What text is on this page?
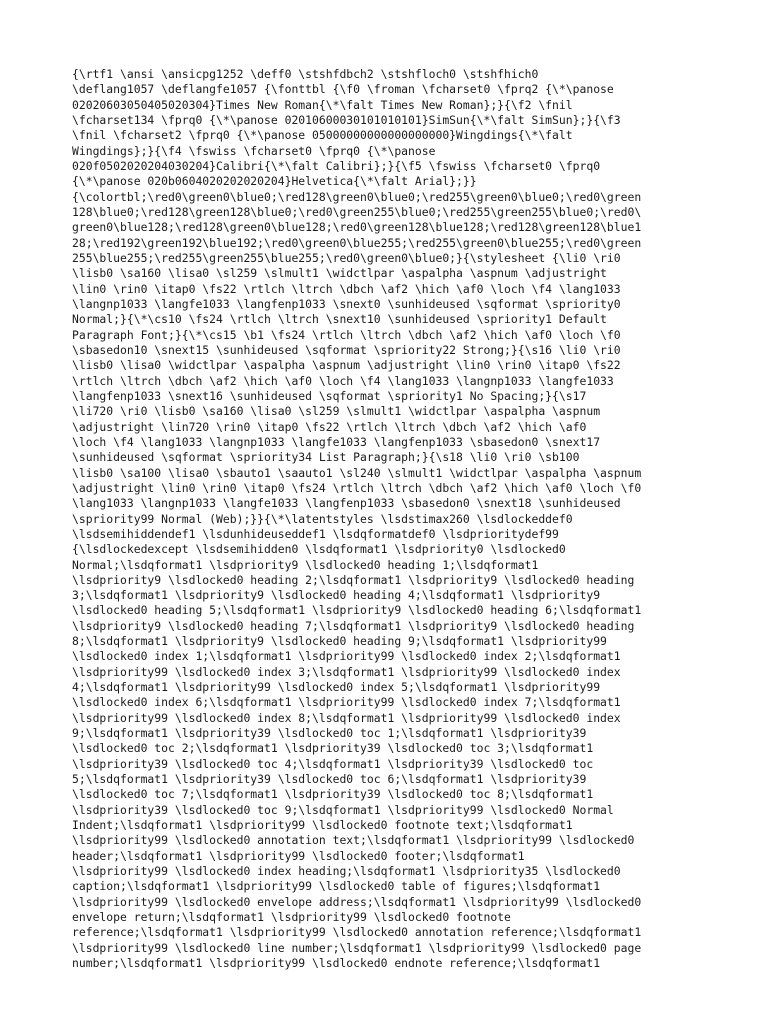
{\rtf1 \ansi \ansicpg1252 \deff0 \stshfdbch2 \stshfloch0 \stshfhich0
\deflang1057 \deflangfe1057 {\fonttbl {\f0 \froman \fcharset0 \fprq2 {\*\panose
02020603050405020304}Times New Roman{\*\falt Times New Roman};}{\f2 \fnil
\fcharset134 \fprq0 {\*\panose 02010600030101010101}SimSun{\*\falt SimSun};}{\f3
\fnil \fcharset2 \fprq0 {\*\panose 05000000000000000000}Wingdings{\*\falt
Wingdings};}{\f4 \fswiss \fcharset0 \fprq0 {\*\panose
020f0502020204030204}Calibri{\*\falt Calibri};}{\f5 \fswiss \fcharset0 \fprq0
{\*\panose 020b0604020202020204}Helvetica{\*\falt Arial};}}
{\colortbl;\red0\green0\blue0;\red128\green0\blue0;\red255\green0\blue0;\red0\green
128\blue0;\red128\green128\blue0;\red0\green255\blue0;\red255\green255\blue0;\red0\
green0\blue128;\red128\green0\blue128;\red0\green128\blue128;\red128\green128\blue1
28;\red192\green192\blue192;\red0\green0\blue255;\red255\green0\blue255;\red0\green
255\blue255;\red255\green255\blue255;\red0\green0\blue0;}{\stylesheet {\li0 \ri0
\lisb0 \sa160 \lisa0 \sl259 \slmult1 \widctlpar \aspalpha \aspnum \adjustright
\lin0 \rin0 \itap0 \fs22 \rtlch \ltrch \dbch \af2 \hich \af0 \loch \f4 \lang1033
\langnp1033 \langfe1033 \langfenp1033 \snext0 \sunhideused \sqformat \spriority0
Normal;}{\*\cs10 \fs24 \rtlch \ltrch \snext10 \sunhideused \spriority1 Default
Paragraph Font;}{\*\cs15 \b1 \fs24 \rtlch \ltrch \dbch \af2 \hich \af0 \loch \f0
\sbasedon10 \snext15 \sunhideused \sqformat \spriority22 Strong;}{\s16 \li0 \ri0
\lisb0 \lisa0 \widctlpar \aspalpha \aspnum \adjustright \lin0 \rin0 \itap0 \fs22
\rtlch \ltrch \dbch \af2 \hich \af0 \loch \f4 \lang1033 \langnp1033 \langfe1033
\langfenp1033 \snext16 \sunhideused \sqformat \spriority1 No Spacing;}{\s17
\li720 \ri0 \lisb0 \sa160 \lisa0 \sl259 \slmult1 \widctlpar \aspalpha \aspnum
\adjustright \lin720 \rin0 \itap0 \fs22 \rtlch \ltrch \dbch \af2 \hich \af0
\loch \f4 \lang1033 \langnp1033 \langfe1033 \langfenp1033 \sbasedon0 \snext17
\sunhideused \sqformat \spriority34 List Paragraph;}{\s18 \li0 \ri0 \sb100
\lisb0 \sa100 \lisa0 \sbauto1 \saauto1 \sl240 \slmult1 \widctlpar \aspalpha \aspnum
\adjustright \lin0 \rin0 \itap0 \fs24 \rtlch \ltrch \dbch \af2 \hich \af0 \loch \f0
\lang1033 \langnp1033 \langfe1033 \langfenp1033 \sbasedon0 \snext18 \sunhideused
\spriority99 Normal (Web);}}{\*\latentstyles \lsdstimax260 \lsdlockeddef0
\lsdsemihiddendef1 \lsdunhideuseddef1 \lsdqformatdef0 \lsdprioritydef99
{\lsdlockedexcept \lsdsemihidden0 \lsdqformat1 \lsdpriority0 \lsdlocked0
Normal;\lsdqformat1 \lsdpriority9 \lsdlocked0 heading 1;\lsdqformat1
\lsdpriority9 \lsdlocked0 heading 2;\lsdqformat1 \lsdpriority9 \lsdlocked0 heading
3;\lsdqformat1 \lsdpriority9 \lsdlocked0 heading 4;\lsdqformat1 \lsdpriority9
\lsdlocked0 heading 5;\lsdqformat1 \lsdpriority9 \lsdlocked0 heading 6;\lsdqformat1
\lsdpriority9 \lsdlocked0 heading 7;\lsdqformat1 \lsdpriority9 \lsdlocked0 heading
8;\lsdqformat1 \lsdpriority9 \lsdlocked0 heading 9;\lsdqformat1 \lsdpriority99
\lsdlocked0 index 1;\lsdqformat1 \lsdpriority99 \lsdlocked0 index 2;\lsdqformat1
\lsdpriority99 \lsdlocked0 index 3;\lsdqformat1 \lsdpriority99 \lsdlocked0 index
4;\lsdqformat1 \lsdpriority99 \lsdlocked0 index 5;\lsdqformat1 \lsdpriority99
\lsdlocked0 index 6;\lsdqformat1 \lsdpriority99 \lsdlocked0 index 7;\lsdqformat1
\lsdpriority99 \lsdlocked0 index 8;\lsdqformat1 \lsdpriority99 \lsdlocked0 index
9;\lsdqformat1 \lsdpriority39 \lsdlocked0 toc 1;\lsdqformat1 \lsdpriority39
\lsdlocked0 toc 2;\lsdqformat1 \lsdpriority39 \lsdlocked0 toc 3;\lsdqformat1
\lsdpriority39 \lsdlocked0 toc 4;\lsdqformat1 \lsdpriority39 \lsdlocked0 toc
5;\lsdqformat1 \lsdpriority39 \lsdlocked0 toc 6;\lsdqformat1 \lsdpriority39
\lsdlocked0 toc 7;\lsdqformat1 \lsdpriority39 \lsdlocked0 toc 8;\lsdqformat1
\lsdpriority39 \lsdlocked0 toc 9;\lsdqformat1 \lsdpriority99 \lsdlocked0 Normal
Indent;\lsdqformat1 \lsdpriority99 \lsdlocked0 footnote text;\lsdqformat1
\lsdpriority99 \lsdlocked0 annotation text;\lsdqformat1 \lsdpriority99 \lsdlocked0
header;\lsdqformat1 \lsdpriority99 \lsdlocked0 footer;\lsdqformat1
\lsdpriority99 \lsdlocked0 index heading;\lsdqformat1 \lsdpriority35 \lsdlocked0
caption;\lsdqformat1 \lsdpriority99 \lsdlocked0 table of figures;\lsdqformat1
\lsdpriority99 \lsdlocked0 envelope address;\lsdqformat1 \lsdpriority99 \lsdlocked0
envelope return;\lsdqformat1 \lsdpriority99 \lsdlocked0 footnote
reference;\lsdqformat1 \lsdpriority99 \lsdlocked0 annotation reference;\lsdqformat1
\lsdpriority99 \lsdlocked0 line number;\lsdqformat1 \lsdpriority99 \lsdlocked0 page
number;\lsdqformat1 \lsdpriority99 \lsdlocked0 endnote reference;\lsdqformat1
